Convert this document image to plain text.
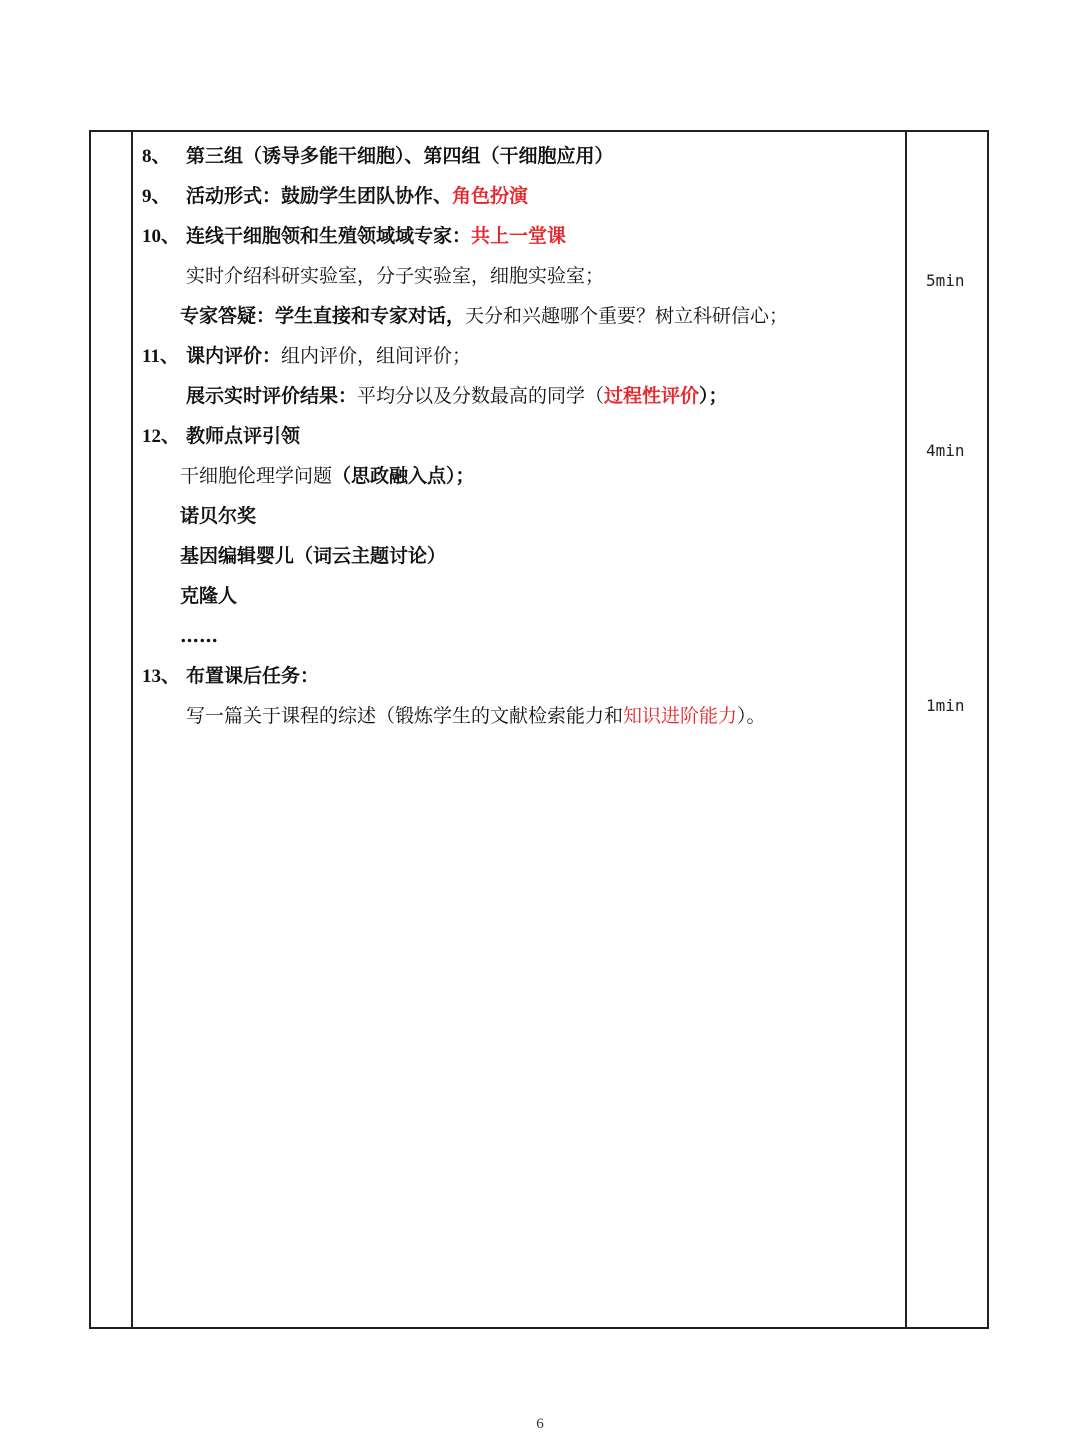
8、 第三组（诱导多能干细胞）、第四组（干细胞应用）
9、 活动形式：鼓励学生团队协作、角色扮演
10、 连线干细胞领和生殖领域域专家：共上一堂课
实时介绍科研实验室，分子实验室，细胞实验室；
专家答疑：学生直接和专家对话，天分和兴趣哪个重要？树立科研信心；
11、 课内评价：组内评价，组间评价；
展示实时评价结果：平均分以及分数最高的同学（过程性评价）；
12、 教师点评引领
干细胞伦理学问题（思政融入点）；
诺贝尔奖
基因编辑婴儿（词云主题讨论）
克隆人
……
13、 布置课后任务：
写一篇关于课程的综述（锻炼学生的文献检索能力和知识进阶能力）。
5min
4min
1min
6
